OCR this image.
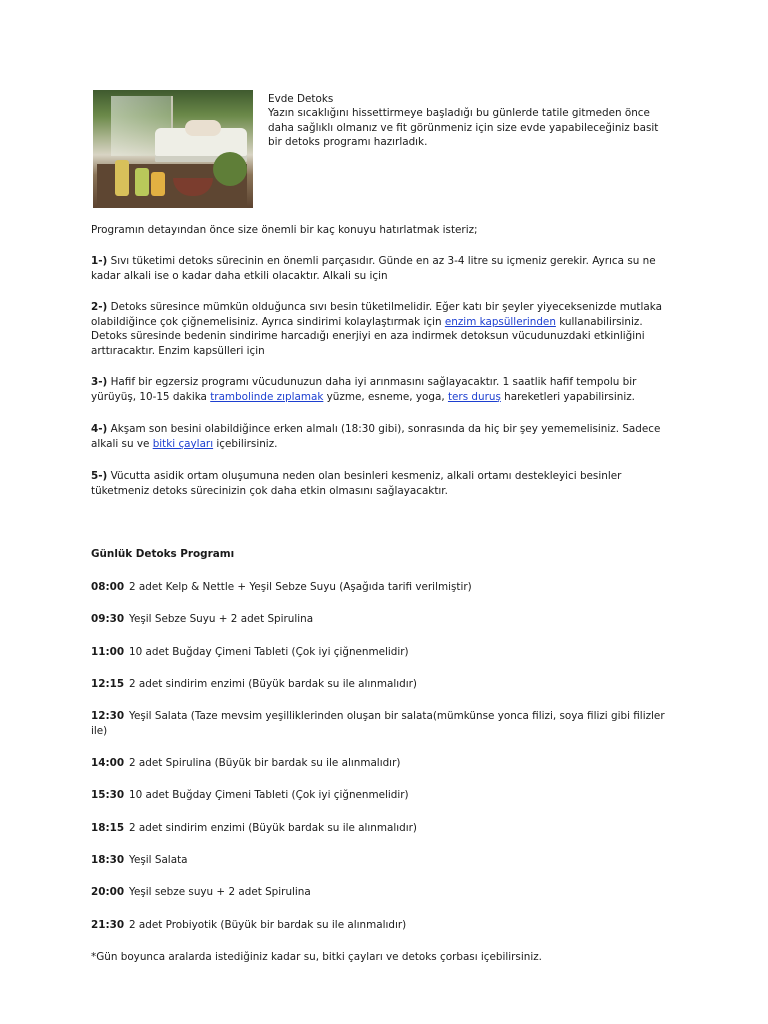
Evde Detoks
Yazın sıcaklığını hissettirmeye başladığı bu günlerde tatile gitmeden önce daha sağlıklı olmanız ve fit görünmeniz için size evde yapabileceğiniz basit bir detoks programı hazırladık.
Programın detayından önce size önemli bir kaç konuyu hatırlatmak isteriz;
1-) Sıvı tüketimi detoks sürecinin en önemli parçasıdır. Günde en az 3-4 litre su içmeniz gerekir. Ayrıca su ne kadar alkali ise o kadar daha etkili olacaktır. Alkali su için
2-) Detoks süresince mümkün olduğunca sıvı besin tüketilmelidir. Eğer katı bir şeyler yiyeceksenizde mutlaka olabildiğince çok çiğnemelisiniz. Ayrıca sindirimi kolaylaştırmak için enzim kapsüllerinden kullanabilirsiniz. Detoks süresinde bedenin sindirime harcadığı enerjiyi en aza indirmek detoksun vücudunuzdaki etkinliğini arttıracaktır. Enzim kapsülleri için
3-) Hafif bir egzersiz programı vücudunuzun daha iyi arınmasını sağlayacaktır. 1 saatlik hafif tempolu bir yürüyüş, 10-15 dakika trambolinde zıplamak yüzme, esneme, yoga, ters duruş hareketleri yapabilirsiniz.
4-) Akşam son besini olabildiğince erken almalı (18:30 gibi), sonrasında da hiç bir şey yememelisiniz. Sadece alkali su ve bitki çayları içebilirsiniz.
5-) Vücutta asidik ortam oluşumuna neden olan besinleri kesmeniz, alkali ortamı destekleyici besinler tüketmeniz detoks sürecinizin çok daha etkin olmasını sağlayacaktır.
Günlük Detoks Programı
08:00 2 adet Kelp & Nettle + Yeşil Sebze Suyu (Aşağıda tarifi verilmiştir)
09:30 Yeşil Sebze Suyu + 2 adet Spirulina
11:00 10 adet Buğday Çimeni Tableti (Çok iyi çiğnenmelidir)
12:15 2 adet sindirim enzimi (Büyük bardak su ile alınmalıdır)
12:30 Yeşil Salata (Taze mevsim yeşilliklerinden oluşan bir salata(mümkünse yonca filizi, soya filizi gibi filizler ile)
14:00 2 adet Spirulina (Büyük bir bardak su ile alınmalıdır)
15:30 10 adet Buğday Çimeni Tableti (Çok iyi çiğnenmelidir)
18:15 2 adet sindirim enzimi (Büyük bardak su ile alınmalıdır)
18:30 Yeşil Salata
20:00 Yeşil sebze suyu + 2 adet Spirulina
21:30 2 adet Probiyotik (Büyük bir bardak su ile alınmalıdır)
*Gün boyunca aralarda istediğiniz kadar su, bitki çayları ve detoks çorbası içebilirsiniz.
